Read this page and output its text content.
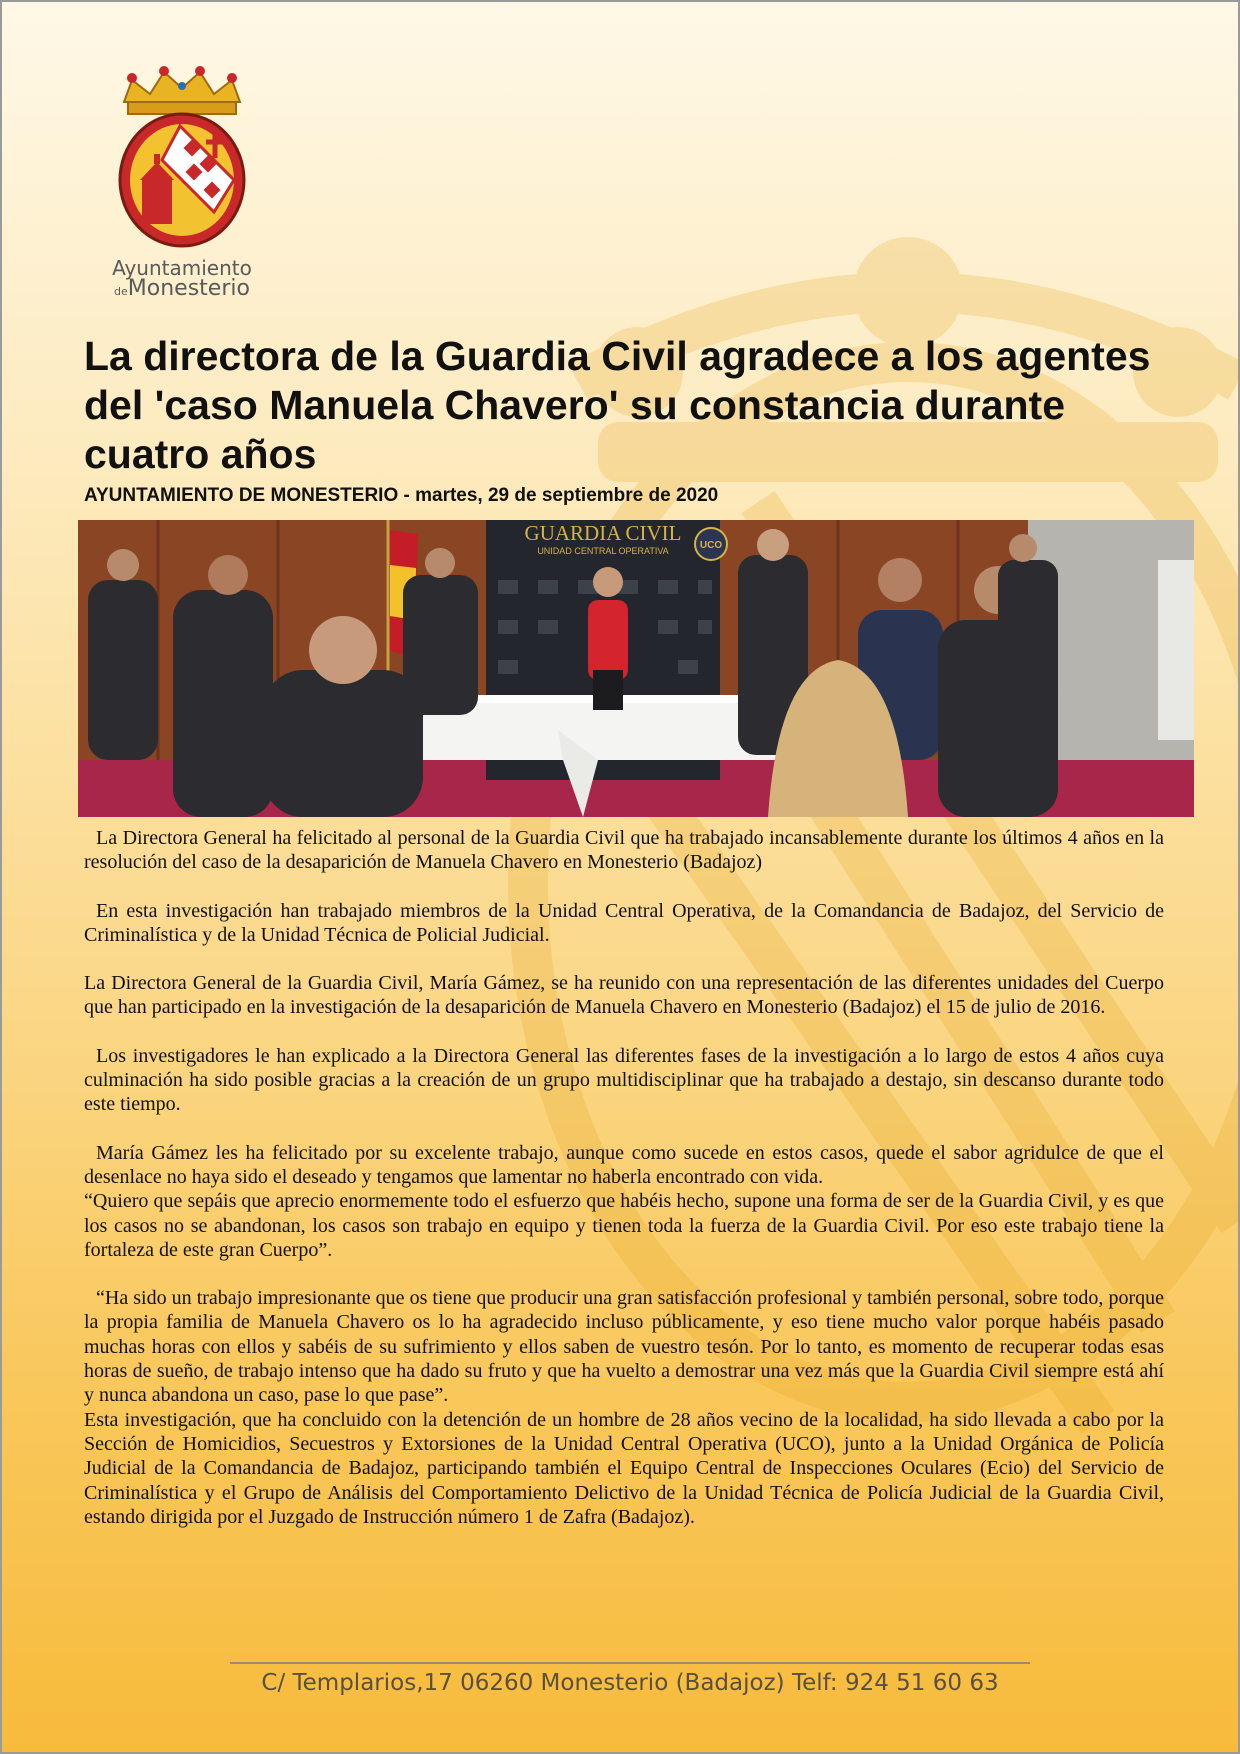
Ayuntamiento
deMonesterio
La directora de la Guardia Civil agradece a los agentes del 'caso Manuela Chavero' su constancia durante cuatro años
AYUNTAMIENTO DE MONESTERIO - martes, 29 de septiembre de 2020
GUARDIA CIVIL
UNIDAD CENTRAL OPERATIVA	UCO

La Directora General ha felicitado al personal de la Guardia Civil que ha trabajado incansablemente durante los últimos 4 años en la resolución del caso de la desaparición de Manuela Chavero en Monesterio (Badajoz)

En esta investigación han trabajado miembros de la Unidad Central Operativa, de la Comandancia de Badajoz, del Servicio de Criminalística y de la Unidad Técnica de Policial Judicial.

La Directora General de la Guardia Civil, María Gámez, se ha reunido con una representación de las diferentes unidades del Cuerpo que han participado en la investigación de la desaparición de Manuela Chavero en Monesterio (Badajoz) el 15 de julio de 2016.

Los investigadores le han explicado a la Directora General las diferentes fases de la investigación a lo largo de estos 4 años cuya culminación ha sido posible gracias a la creación de un grupo multidisciplinar que ha trabajado a destajo, sin descanso durante todo este tiempo.

María Gámez les ha felicitado por su excelente trabajo, aunque como sucede en estos casos, quede el sabor agridulce de que el desenlace no haya sido el deseado y tengamos que lamentar no haberla encontrado con vida.

“Quiero que sepáis que aprecio enormemente todo el esfuerzo que habéis hecho, supone una forma de ser de la Guardia Civil, y es que los casos no se abandonan, los casos son trabajo en equipo y tienen toda la fuerza de la Guardia Civil. Por eso este trabajo tiene la fortaleza de este gran Cuerpo”.

“Ha sido un trabajo impresionante que os tiene que producir una gran satisfacción profesional y también personal, sobre todo, porque la propia familia de Manuela Chavero os lo ha agradecido incluso públicamente, y eso tiene mucho valor porque habéis pasado muchas horas con ellos y sabéis de su sufrimiento y ellos saben de vuestro tesón. Por lo tanto, es momento de recuperar todas esas horas de sueño, de trabajo intenso que ha dado su fruto y que ha vuelto a demostrar una vez más que la Guardia Civil siempre está ahí y nunca abandona un caso, pase lo que pase”.

Esta investigación, que ha concluido con la detención de un hombre de 28 años vecino de la localidad, ha sido llevada a cabo por la Sección de Homicidios, Secuestros y Extorsiones de la Unidad Central Operativa (UCO), junto a la Unidad Orgánica de Policía Judicial de la Comandancia de Badajoz, participando también el Equipo Central de Inspecciones Oculares (Ecio) del Servicio de Criminalística y el Grupo de Análisis del Comportamiento Delictivo de la Unidad Técnica de Policía Judicial de la Guardia Civil, estando dirigida por el Juzgado de Instrucción número 1 de Zafra (Badajoz).

C/ Templarios,17 06260 Monesterio (Badajoz) Telf: 924 51 60 63
